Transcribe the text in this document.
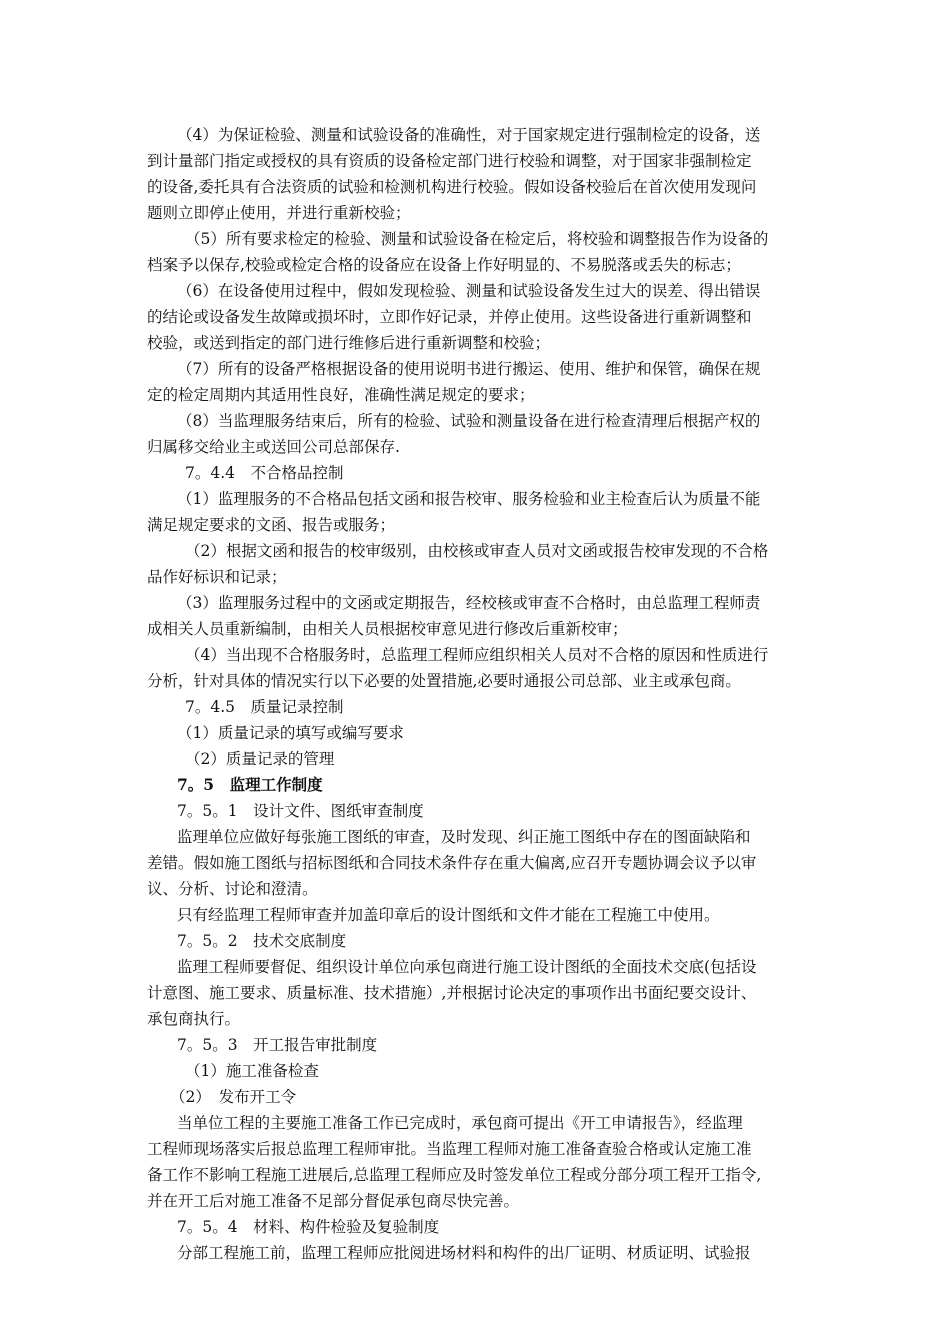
（4）为保证检验、测量和试验设备的准确性，对于国家规定进行强制检定的设备，送
到计量部门指定或授权的具有资质的设备检定部门进行校验和调整，对于国家非强制检定
的设备,委托具有合法资质的试验和检测机构进行校验。假如设备校验后在首次使用发现问
题则立即停止使用，并进行重新校验；
（5）所有要求检定的检验、测量和试验设备在检定后，将校验和调整报告作为设备的
档案予以保存,校验或检定合格的设备应在设备上作好明显的、不易脱落或丢失的标志；
（6）在设备使用过程中，假如发现检验、测量和试验设备发生过大的误差、得出错误
的结论或设备发生故障或损坏时，立即作好记录，并停止使用。这些设备进行重新调整和
校验，或送到指定的部门进行维修后进行重新调整和校验；
（7）所有的设备严格根据设备的使用说明书进行搬运、使用、维护和保管，确保在规
定的检定周期内其适用性良好，准确性满足规定的要求；
（8）当监理服务结束后，所有的检验、试验和测量设备在进行检查清理后根据产权的
归属移交给业主或送回公司总部保存.
7。4.4　不合格品控制
（1）监理服务的不合格品包括文函和报告校审、服务检验和业主检查后认为质量不能
满足规定要求的文函、报告或服务；
（2）根据文函和报告的校审级别，由校核或审查人员对文函或报告校审发现的不合格
品作好标识和记录；
（3）监理服务过程中的文函或定期报告，经校核或审查不合格时，由总监理工程师责
成相关人员重新编制，由相关人员根据校审意见进行修改后重新校审；
（4）当出现不合格服务时，总监理工程师应组织相关人员对不合格的原因和性质进行
分析，针对具体的情况实行以下必要的处置措施,必要时通报公司总部、业主或承包商。
7。4.5　质量记录控制
（1）质量记录的填写或编写要求
（2）质量记录的管理
7。5　监理工作制度
7。5。1　设计文件、图纸审查制度
监理单位应做好每张施工图纸的审查，及时发现、纠正施工图纸中存在的图面缺陷和
差错。假如施工图纸与招标图纸和合同技术条件存在重大偏离,应召开专题协调会议予以审
议、分析、讨论和澄清。
只有经监理工程师审查并加盖印章后的设计图纸和文件才能在工程施工中使用。
7。5。2　技术交底制度
监理工程师要督促、组织设计单位向承包商进行施工设计图纸的全面技术交底(包括设
计意图、施工要求、质量标准、技术措施）,并根据讨论决定的事项作出书面纪要交设计、
承包商执行。
7。5。3　开工报告审批制度
（1）施工准备检查
（2）　发布开工令
当单位工程的主要施工准备工作已完成时，承包商可提出《开工申请报告》，经监理
工程师现场落实后报总监理工程师审批。当监理工程师对施工准备查验合格或认定施工准
备工作不影响工程施工进展后,总监理工程师应及时签发单位工程或分部分项工程开工指令,
并在开工后对施工准备不足部分督促承包商尽快完善。
7。5。4　材料、构件检验及复验制度
分部工程施工前，监理工程师应批阅进场材料和构件的出厂证明、材质证明、试验报
